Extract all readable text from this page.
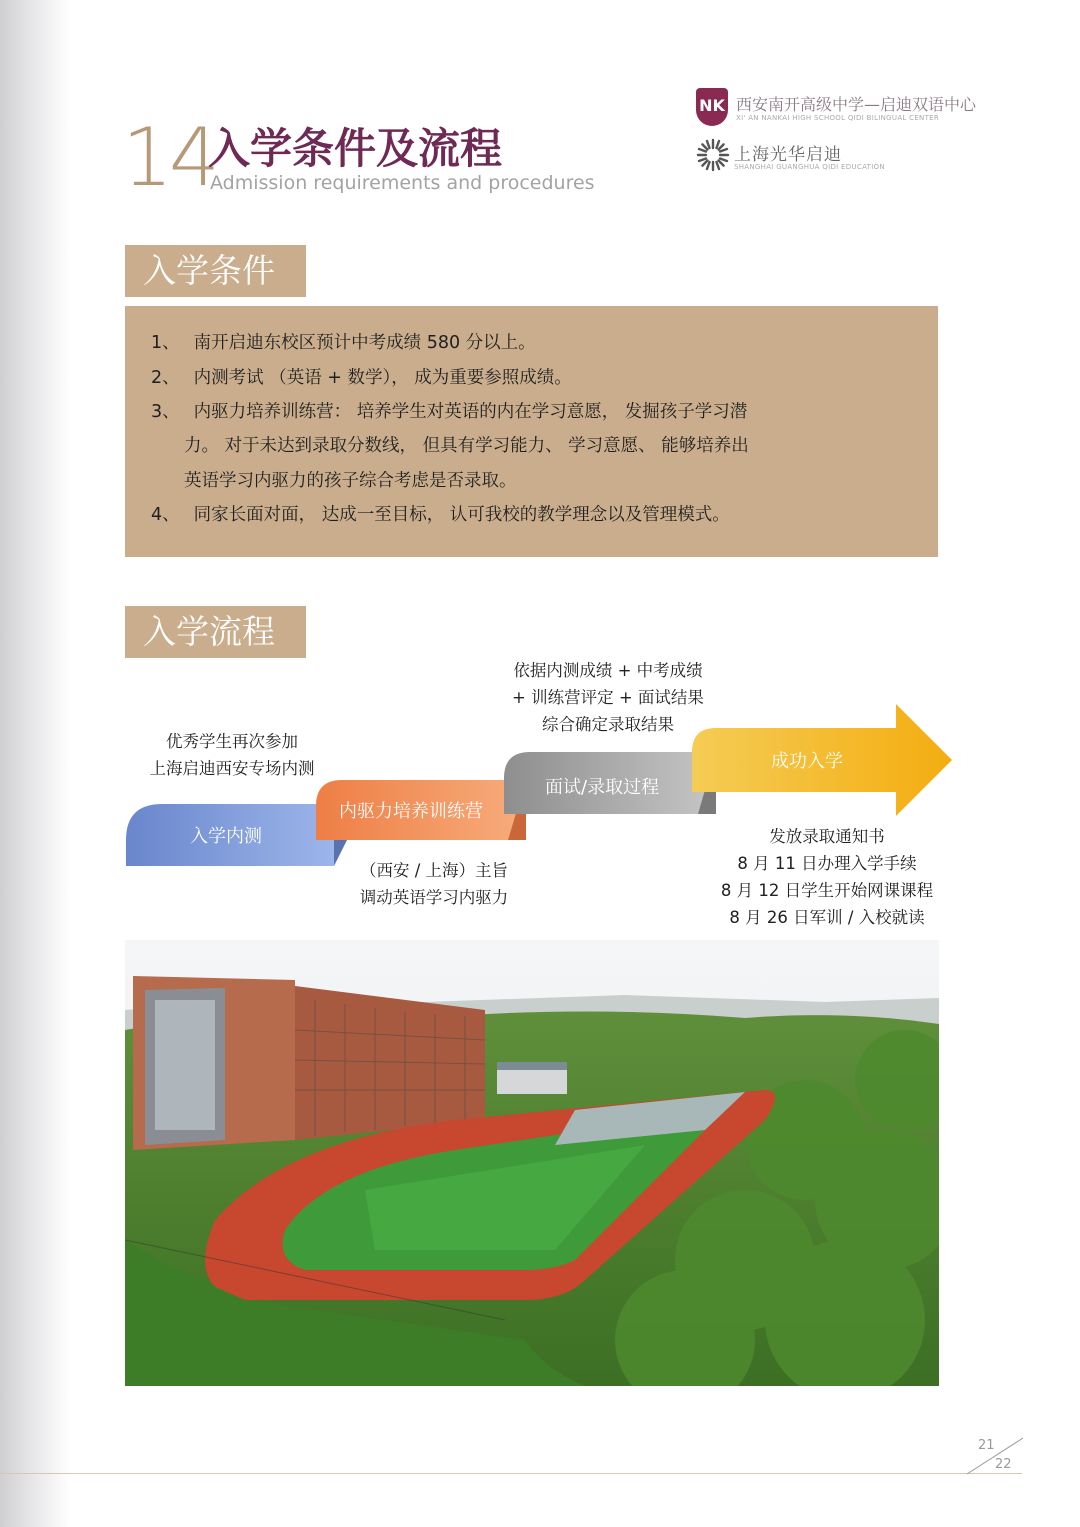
14
入学条件及流程
Admission requirements and procedures
NK 西安南开高级中学—启迪双语中心
XI' AN NANKAI HIGH SCHOOL QIDI BILINGUAL CENTER
上海光华启迪
SHANGHAI GUANGHUA QIDI EDUCATION
入学条件
1、 南开启迪东校区预计中考成绩 580 分以上。
2、 内测考试 （英语 + 数学）， 成为重要参照成绩。
3、 内驱力培养训练营： 培养学生对英语的内在学习意愿， 发掘孩子学习潜
力。 对于未达到录取分数线， 但具有学习能力、 学习意愿、 能够培养出
英语学习内驱力的孩子综合考虑是否录取。
4、 同家长面对面， 达成一至目标， 认可我校的教学理念以及管理模式。
入学流程
入学内测
内驱力培养训练营
面试/录取过程
成功入学
优秀学生再次参加
上海启迪西安专场内测
（西安 / 上海）主旨
调动英语学习内驱力
依据内测成绩 + 中考成绩
+ 训练营评定 + 面试结果
综合确定录取结果
发放录取通知书
8 月 11 日办理入学手续
8 月 12 日学生开始网课课程
8 月 26 日军训 / 入校就读
21
22
